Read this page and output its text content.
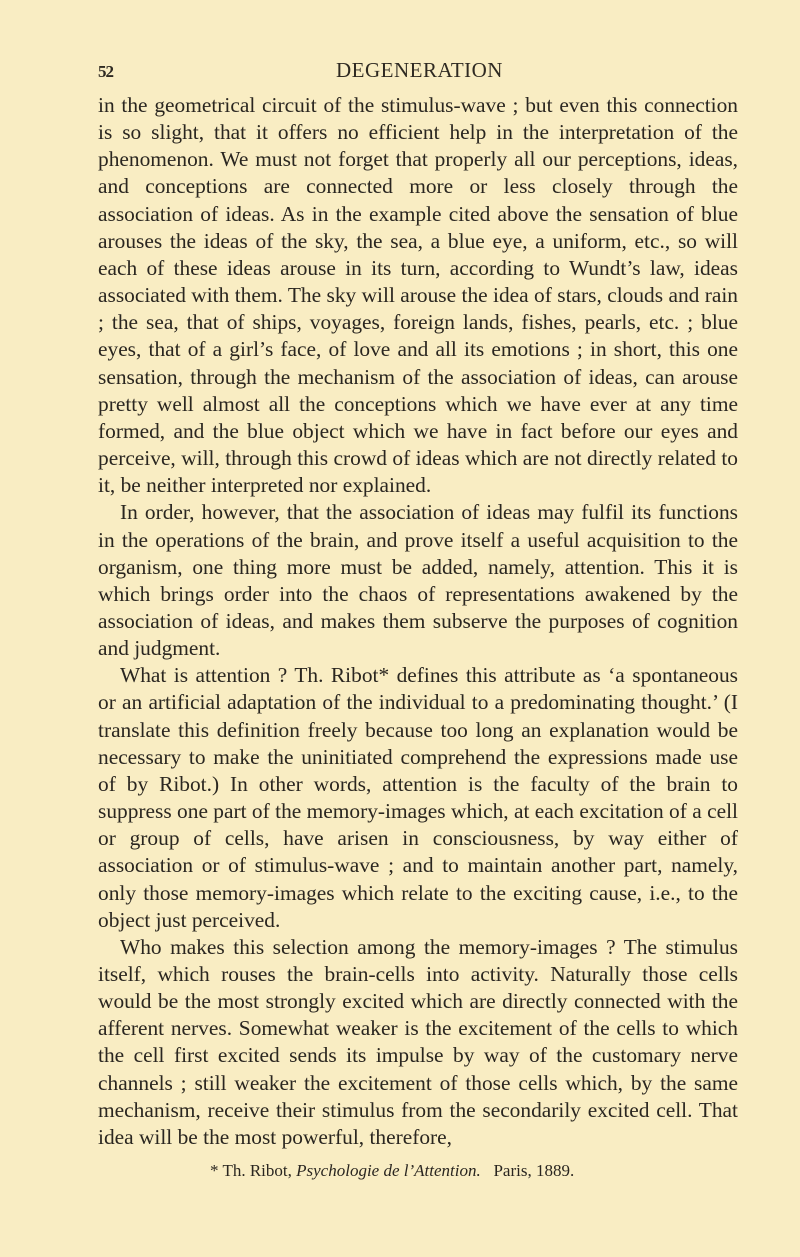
52	DEGENERATION

in the geometrical circuit of the stimulus-wave ; but even this connection is so slight, that it offers no efficient help in the interpretation of the phenomenon. We must not forget that properly all our perceptions, ideas, and conceptions are connected more or less closely through the association of ideas. As in the example cited above the sensation of blue arouses the ideas of the sky, the sea, a blue eye, a uniform, etc., so will each of these ideas arouse in its turn, according to Wundt’s law, ideas associated with them. The sky will arouse the idea of stars, clouds and rain ; the sea, that of ships, voyages, foreign lands, fishes, pearls, etc. ; blue eyes, that of a girl’s face, of love and all its emotions ; in short, this one sensation, through the mechanism of the association of ideas, can arouse pretty well almost all the conceptions which we have ever at any time formed, and the blue object which we have in fact before our eyes and perceive, will, through this crowd of ideas which are not directly related to it, be neither interpreted nor explained.

In order, however, that the association of ideas may fulfil its functions in the operations of the brain, and prove itself a useful acquisition to the organism, one thing more must be added, namely, attention. This it is which brings order into the chaos of representations awakened by the association of ideas, and makes them subserve the purposes of cognition and judgment.

What is attention ? Th. Ribot* defines this attribute as ‘a spontaneous or an artificial adaptation of the individual to a predominating thought.’ (I translate this definition freely because too long an explanation would be necessary to make the uninitiated comprehend the expressions made use of by Ribot.) In other words, attention is the faculty of the brain to suppress one part of the memory-images which, at each excitation of a cell or group of cells, have arisen in consciousness, by way either of association or of stimulus-wave ; and to maintain another part, namely, only those memory-images which relate to the exciting cause, i.e., to the object just perceived.

Who makes this selection among the memory-images ? The stimulus itself, which rouses the brain-cells into activity. Naturally those cells would be the most strongly excited which are directly connected with the afferent nerves. Somewhat weaker is the excitement of the cells to which the cell first excited sends its impulse by way of the customary nerve channels ; still weaker the excitement of those cells which, by the same mechanism, receive their stimulus from the secondarily excited cell. That idea will be the most powerful, therefore,

* Th. Ribot, Psychologie de l’Attention. Paris, 1889.
